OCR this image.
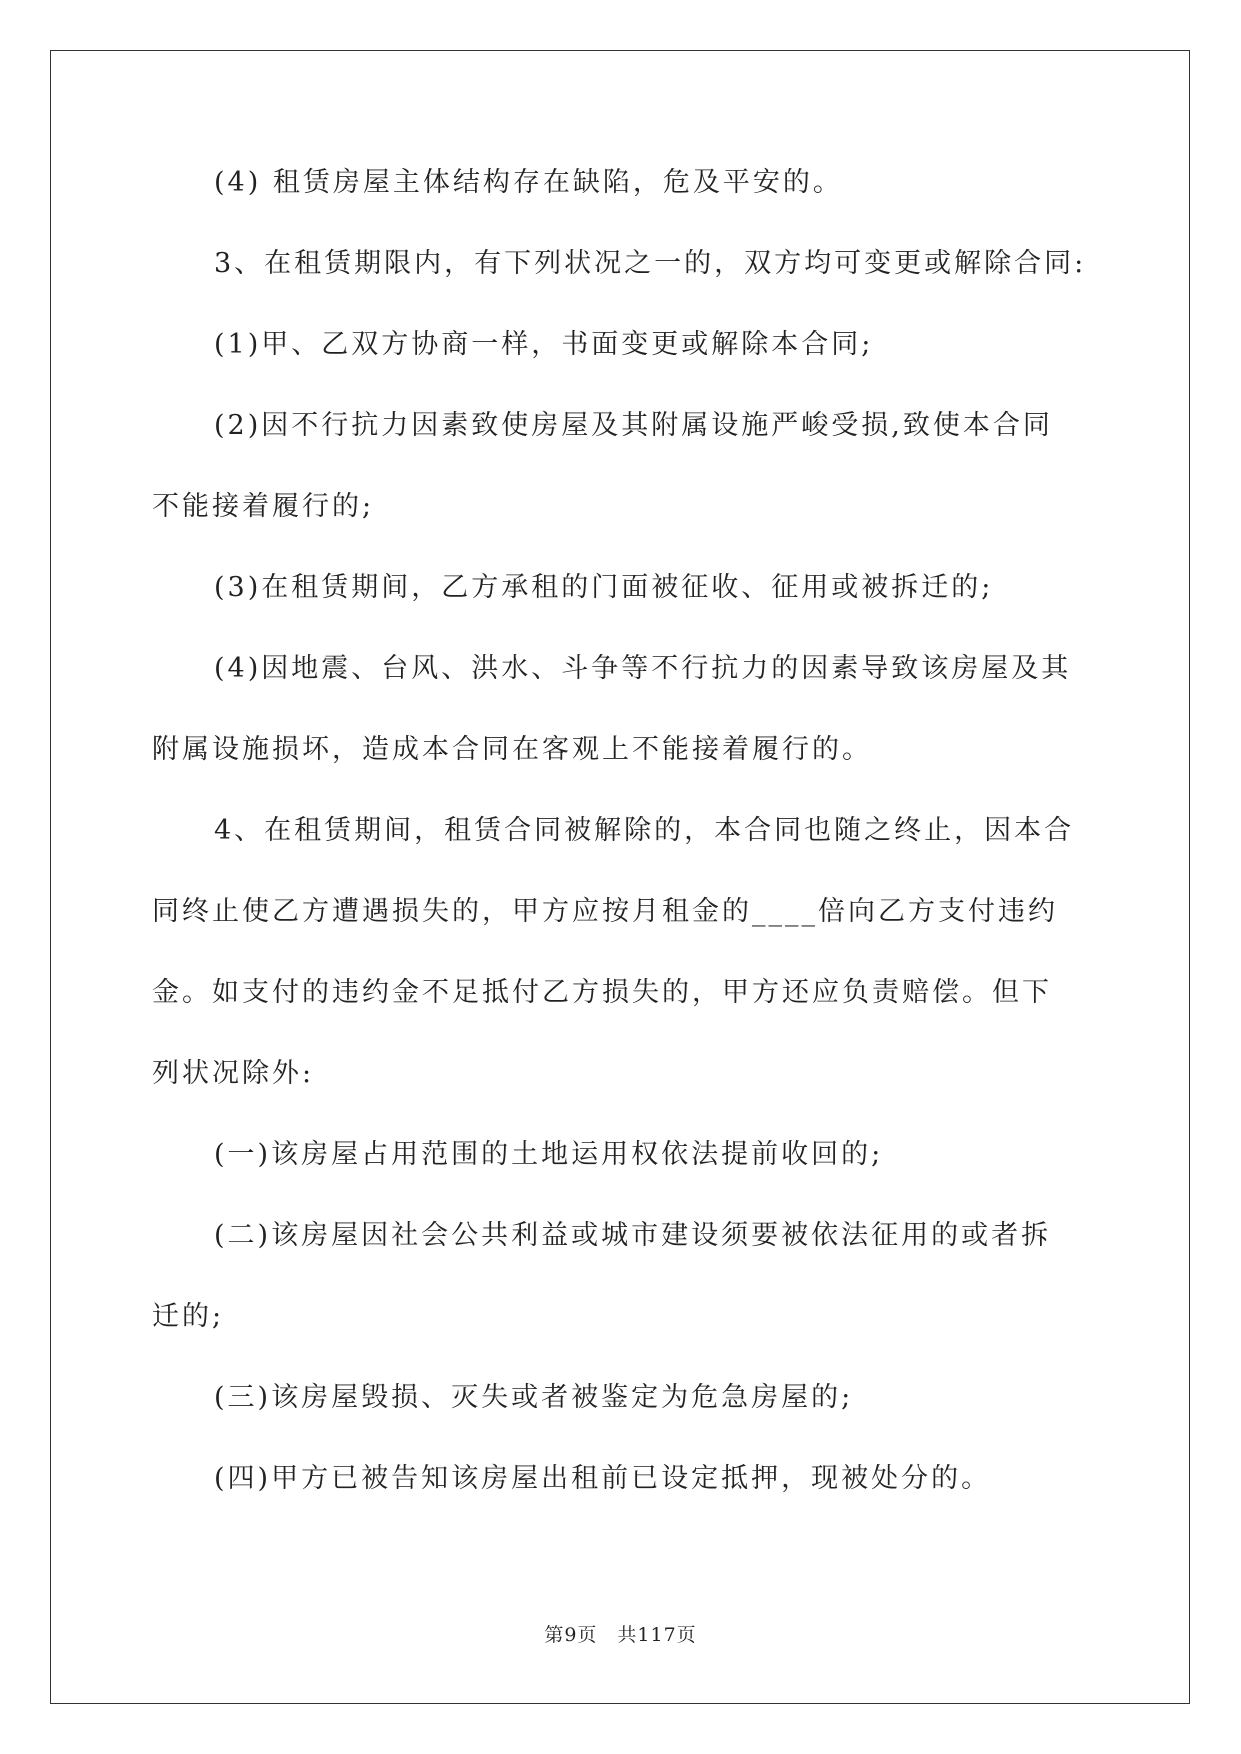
(4) 租赁房屋主体结构存在缺陷，危及平安的。
3、在租赁期限内，有下列状况之一的，双方均可变更或解除合同:
(1)甲、乙双方协商一样，书面变更或解除本合同;
(2)因不行抗力因素致使房屋及其附属设施严峻受损,致使本合同
不能接着履行的;
(3)在租赁期间，乙方承租的门面被征收、征用或被拆迁的;
(4)因地震、台风、洪水、斗争等不行抗力的因素导致该房屋及其
附属设施损坏，造成本合同在客观上不能接着履行的。
4、在租赁期间，租赁合同被解除的，本合同也随之终止，因本合
同终止使乙方遭遇损失的，甲方应按月租金的____倍向乙方支付违约
金。如支付的违约金不足抵付乙方损失的，甲方还应负责赔偿。但下
列状况除外:
(一)该房屋占用范围的土地运用权依法提前收回的;
(二)该房屋因社会公共利益或城市建设须要被依法征用的或者拆
迁的;
(三)该房屋毁损、灭失或者被鉴定为危急房屋的;
(四)甲方已被告知该房屋出租前已设定抵押，现被处分的。
第9页　共117页
